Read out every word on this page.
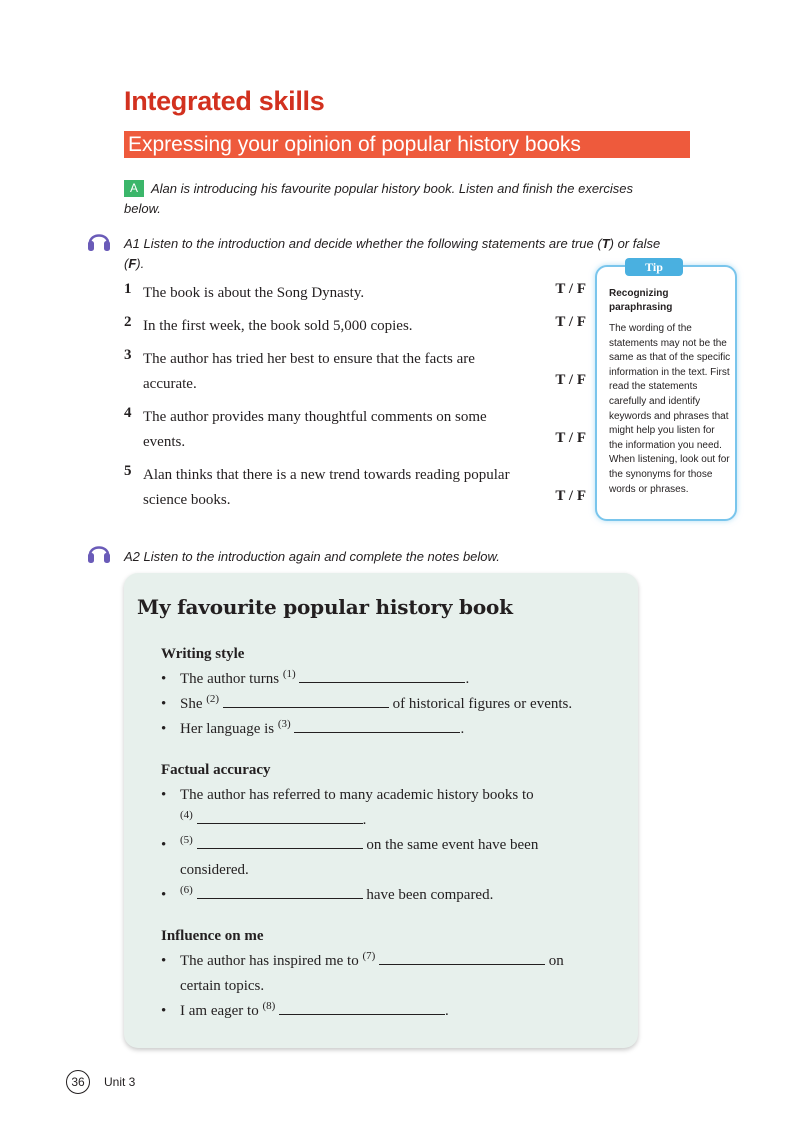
Integrated skills
Expressing your opinion of popular history books
A Alan is introducing his favourite popular history book. Listen and finish the exercises below.
A1 Listen to the introduction and decide whether the following statements are true (T) or false (F).
1 The book is about the Song Dynasty.	T / F
2 In the first week, the book sold 5,000 copies.	T / F
3 The author has tried her best to ensure that the facts are
accurate.	T / F
4 The author provides many thoughtful comments on some
events.	T / F
5 Alan thinks that there is a new trend towards reading popular
science books.	T / F
Tip
Recognizing paraphrasing
The wording of the statements may not be the same as that of the specific information in the text. First read the statements carefully and identify keywords and phrases that might help you listen for the information you need. When listening, look out for the synonyms for those words or phrases.
A2 Listen to the introduction again and complete the notes below.
My favourite popular history book
Writing style
• The author turns $^{(1)}$	.
• She $^{(2)}$	of historical figures or events.
• Her language is $^{(3)}$	.
Factual accuracy
• The author has referred to many academic history books to
$^{(4)}$	.
• $^{(5)}$	on the same event have been
considered.
• $^{(6)}$	have been compared.
Influence on me
• The author has inspired me to $^{(7)}$	on
certain topics.
• I am eager to $^{(8)}$	.
36	Unit 3
